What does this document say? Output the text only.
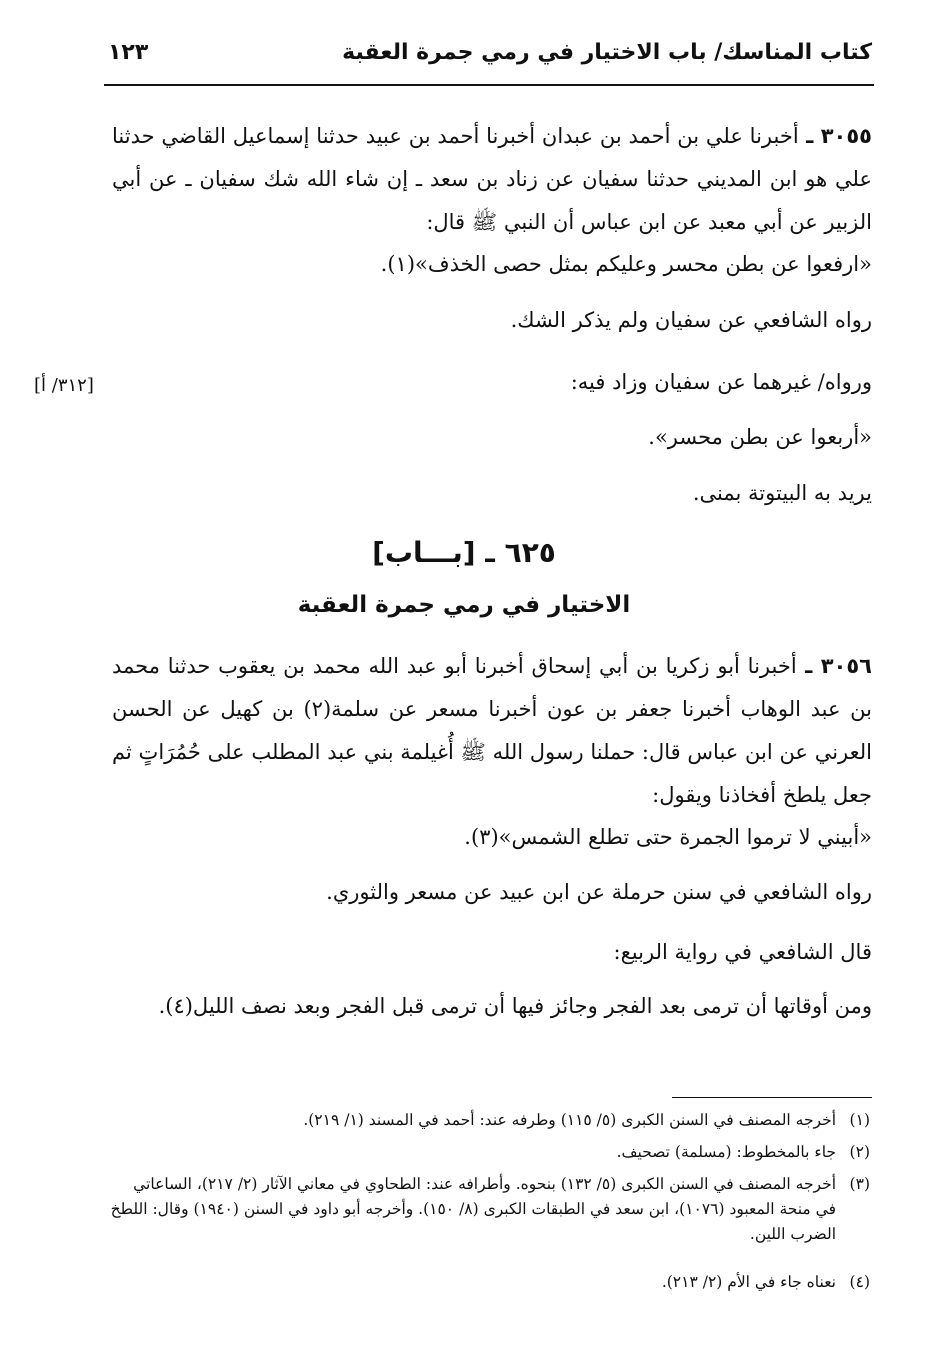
كتاب المناسك/ باب الاختيار في رمي جمرة العقبة
١٢٣
٣٠٥٥ ـ أخبرنا علي بن أحمد بن عبدان أخبرنا أحمد بن عبيد حدثنا إسماعيل القاضي حدثنا علي هو ابن المديني حدثنا سفيان عن زناد بن سعد ـ إن شاء الله شك سفيان ـ عن أبي الزبير عن أبي معبد عن ابن عباس أن النبي ﷺ قال:
«ارفعوا عن بطن محسر وعليكم بمثل حصى الخذف»(١).
رواه الشافعي عن سفيان ولم يذكر الشك.
ورواه/ غيرهما عن سفيان وزاد فيه:
[٣١٢/ أ]
«أربعوا عن بطن محسر».
يريد به البيتوتة بمنى.
٦٢٥ ـ [بـــاب]
الاختيار في رمي جمرة العقبة
٣٠٥٦ ـ أخبرنا أبو زكريا بن أبي إسحاق أخبرنا أبو عبد الله محمد بن يعقوب حدثنا محمد بن عبد الوهاب أخبرنا جعفر بن عون أخبرنا مسعر عن سلمة(٢) بن كهيل عن الحسن العرني عن ابن عباس قال: حملنا رسول الله ﷺ أُغيلمة بني عبد المطلب على حُمُرَاتٍ ثم جعل يلطخ أفخاذنا ويقول:
«أبيني لا ترموا الجمرة حتى تطلع الشمس»(٣).
رواه الشافعي في سنن حرملة عن ابن عبيد عن مسعر والثوري.
قال الشافعي في رواية الربيع:
ومن أوقاتها أن ترمى بعد الفجر وجائز فيها أن ترمى قبل الفجر وبعد نصف الليل(٤).
(١)أخرجه المصنف في السنن الكبرى (٥/ ١١٥) وطرفه عند: أحمد في المسند (١/ ٢١٩).
(٢)جاء بالمخطوط: (مسلمة) تصحيف.
(٣)
أخرجه المصنف في السنن الكبرى (٥/ ١٣٢) بنحوه. وأطرافه عند: الطحاوي في معاني الآثار (٢/ ٢١٧)، الساعاتي في منحة المعبود (١٠٧٦)، ابن سعد في الطبقات الكبرى (٨/ ١٥٠). وأخرجه أبو داود في السنن (١٩٤٠) وقال: اللطخ الضرب اللين.
(٤)نعناه جاء في الأم (٢/ ٢١٣).
